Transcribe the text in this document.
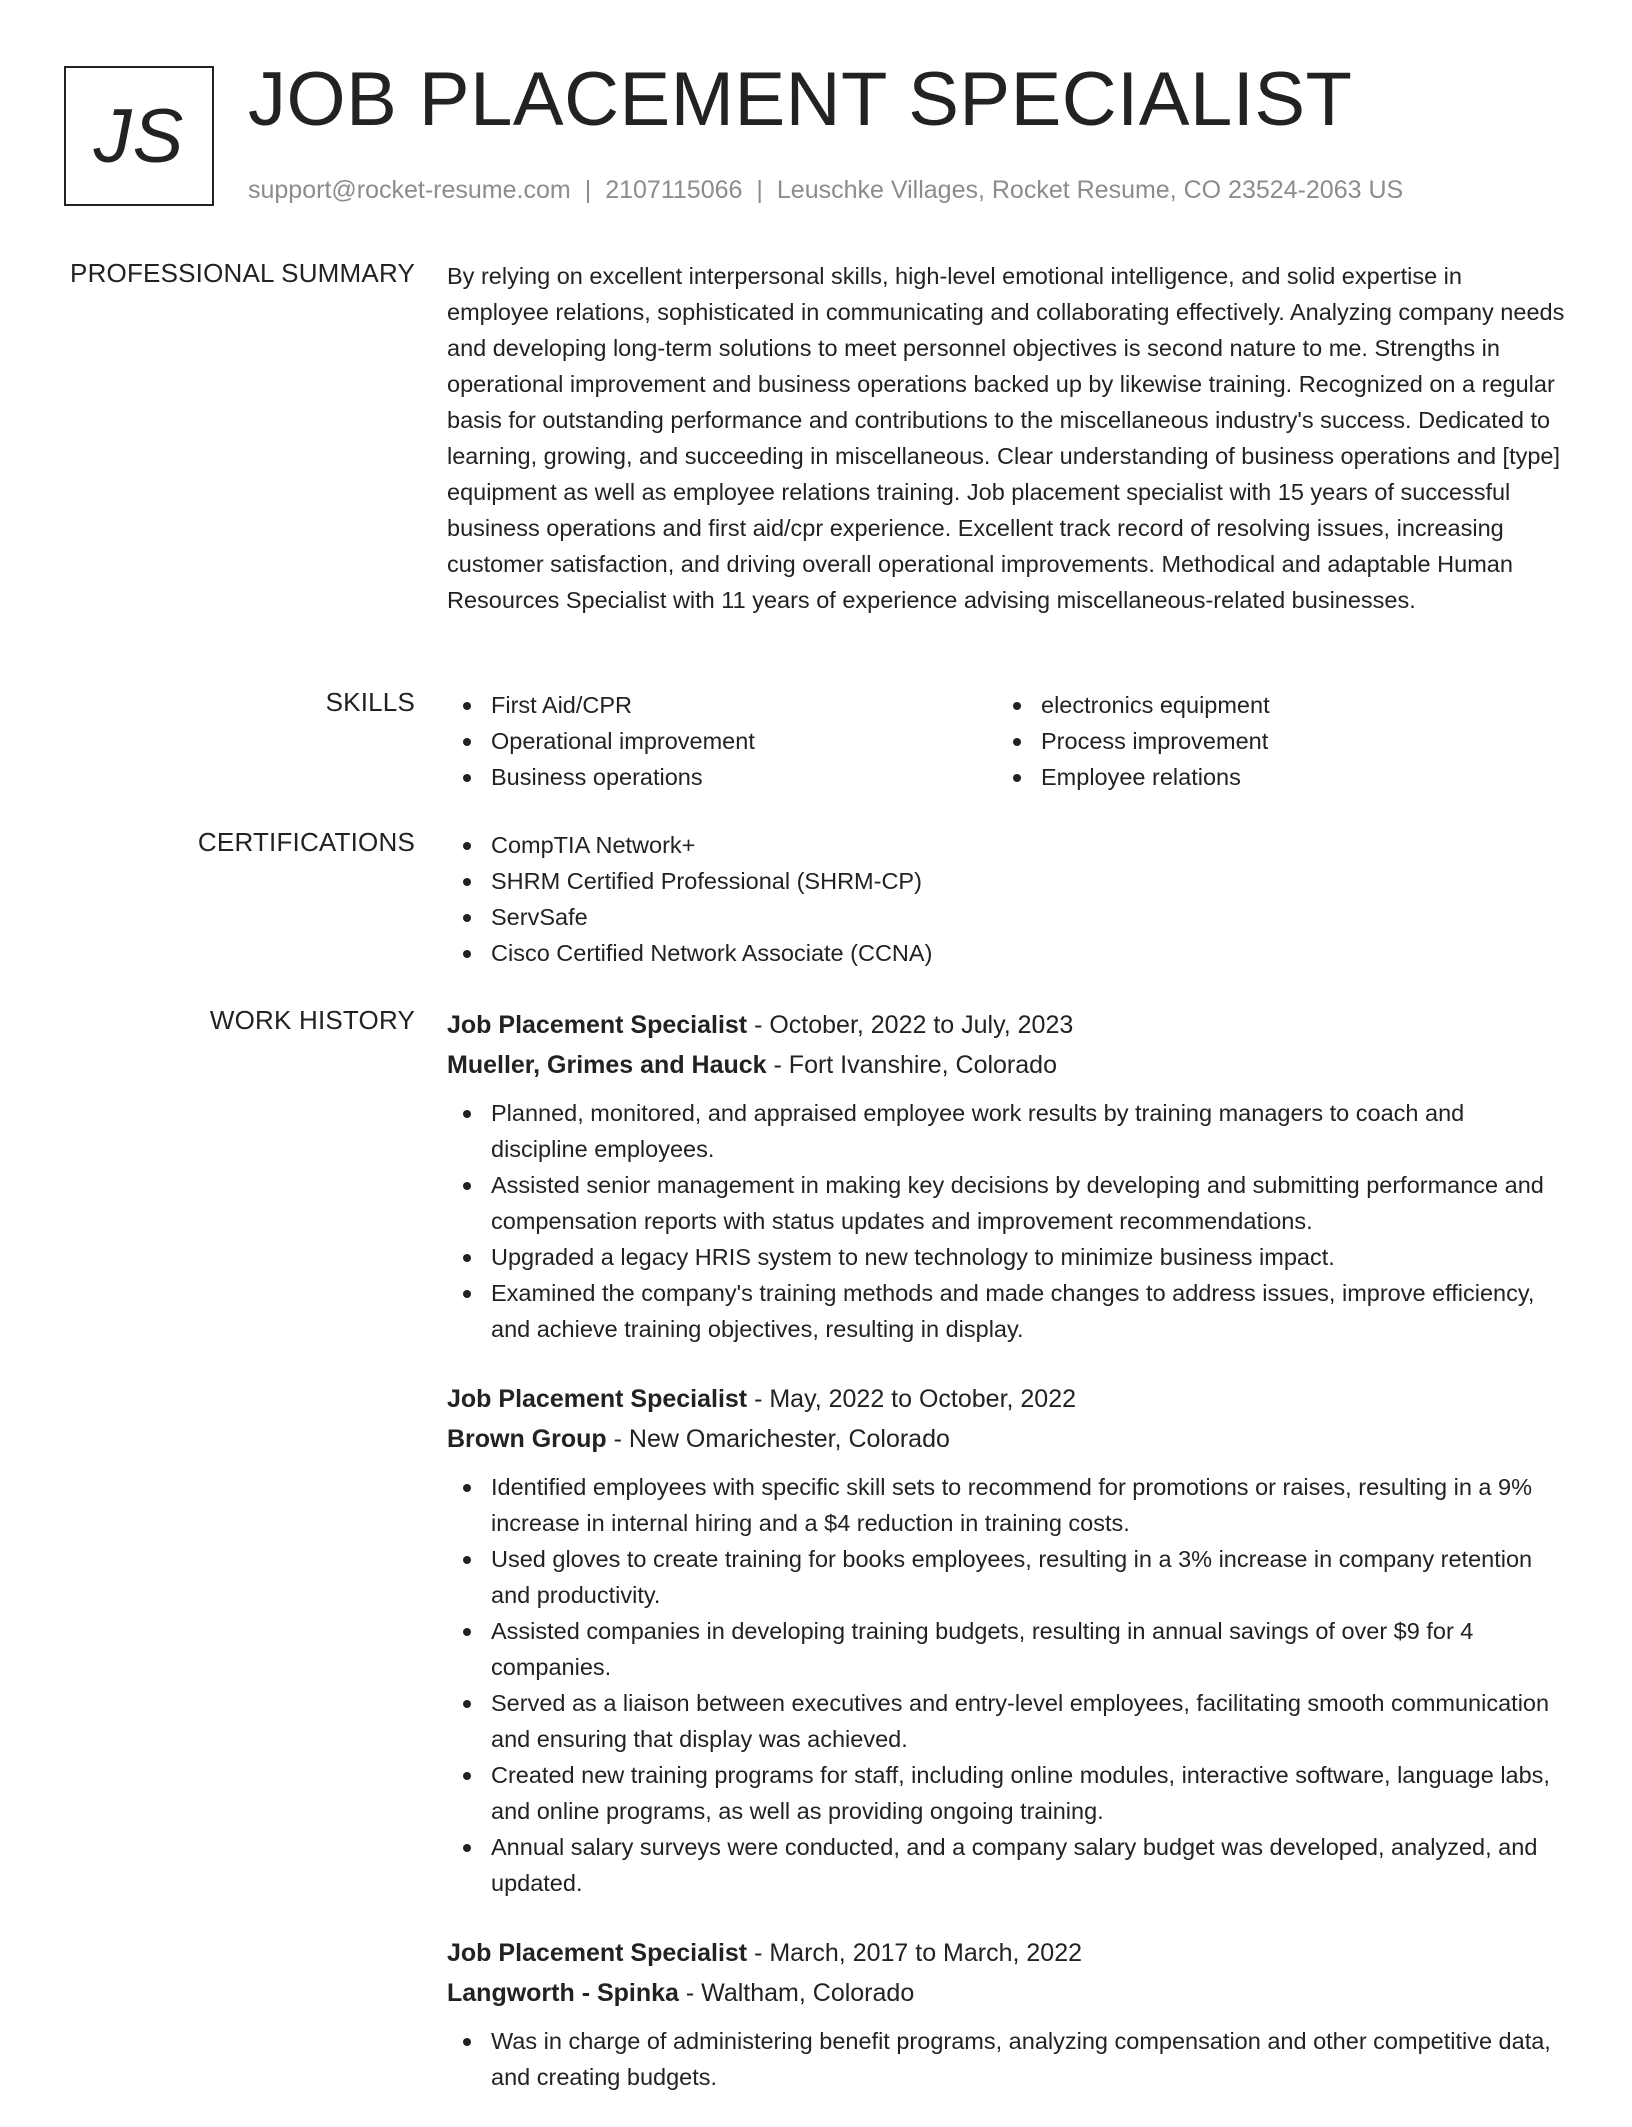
JS JOB PLACEMENT SPECIALIST
support@rocket-resume.com | 2107115066 | Leuschke Villages, Rocket Resume, CO 23524-2063 US
PROFESSIONAL SUMMARY By relying on excellent interpersonal skills, high-level emotional intelligence, and solid expertise in employee relations, sophisticated in communicating and collaborating effectively. Analyzing company needs and developing long-term solutions to meet personnel objectives is second nature to me. Strengths in operational improvement and business operations backed up by likewise training. Recognized on a regular basis for outstanding performance and contributions to the miscellaneous industry's success. Dedicated to learning, growing, and succeeding in miscellaneous. Clear understanding of business operations and [type] equipment as well as employee relations training. Job placement specialist with 15 years of successful business operations and first aid/cpr experience. Excellent track record of resolving issues, increasing customer satisfaction, and driving overall operational improvements. Methodical and adaptable Human Resources Specialist with 11 years of experience advising miscellaneous-related businesses.

SKILLS	First Aid/CPR
Operational improvement
Business operations
electronics equipment
Process improvement
Employee relations
CERTIFICATIONS	CompTIA Network+
SHRM Certified Professional (SHRM-CP)
ServSafe
Cisco Certified Network Associate (CCNA)
WORK HISTORY Job Placement Specialist - October, 2022 to July, 2023
Mueller, Grimes and Hauck - Fort Ivanshire, Colorado
Planned, monitored, and appraised employee work results by training managers to coach and discipline employees.
Assisted senior management in making key decisions by developing and submitting performance and compensation reports with status updates and improvement recommendations.
Upgraded a legacy HRIS system to new technology to minimize business impact.
Examined the company's training methods and made changes to address issues, improve efficiency, and achieve training objectives, resulting in display.
Job Placement Specialist - May, 2022 to October, 2022
Brown Group - New Omarichester, Colorado
Identified employees with specific skill sets to recommend for promotions or raises, resulting in a 9% increase in internal hiring and a $4 reduction in training costs.
Used gloves to create training for books employees, resulting in a 3% increase in company retention and productivity.
Assisted companies in developing training budgets, resulting in annual savings of over $9 for 4 companies.
Served as a liaison between executives and entry-level employees, facilitating smooth communication and ensuring that display was achieved.
Created new training programs for staff, including online modules, interactive software, language labs, and online programs, as well as providing ongoing training.
Annual salary surveys were conducted, and a company salary budget was developed, analyzed, and updated.
Job Placement Specialist - March, 2017 to March, 2022
Langworth - Spinka - Waltham, Colorado
Was in charge of administering benefit programs, analyzing compensation and other competitive data, and creating budgets.
